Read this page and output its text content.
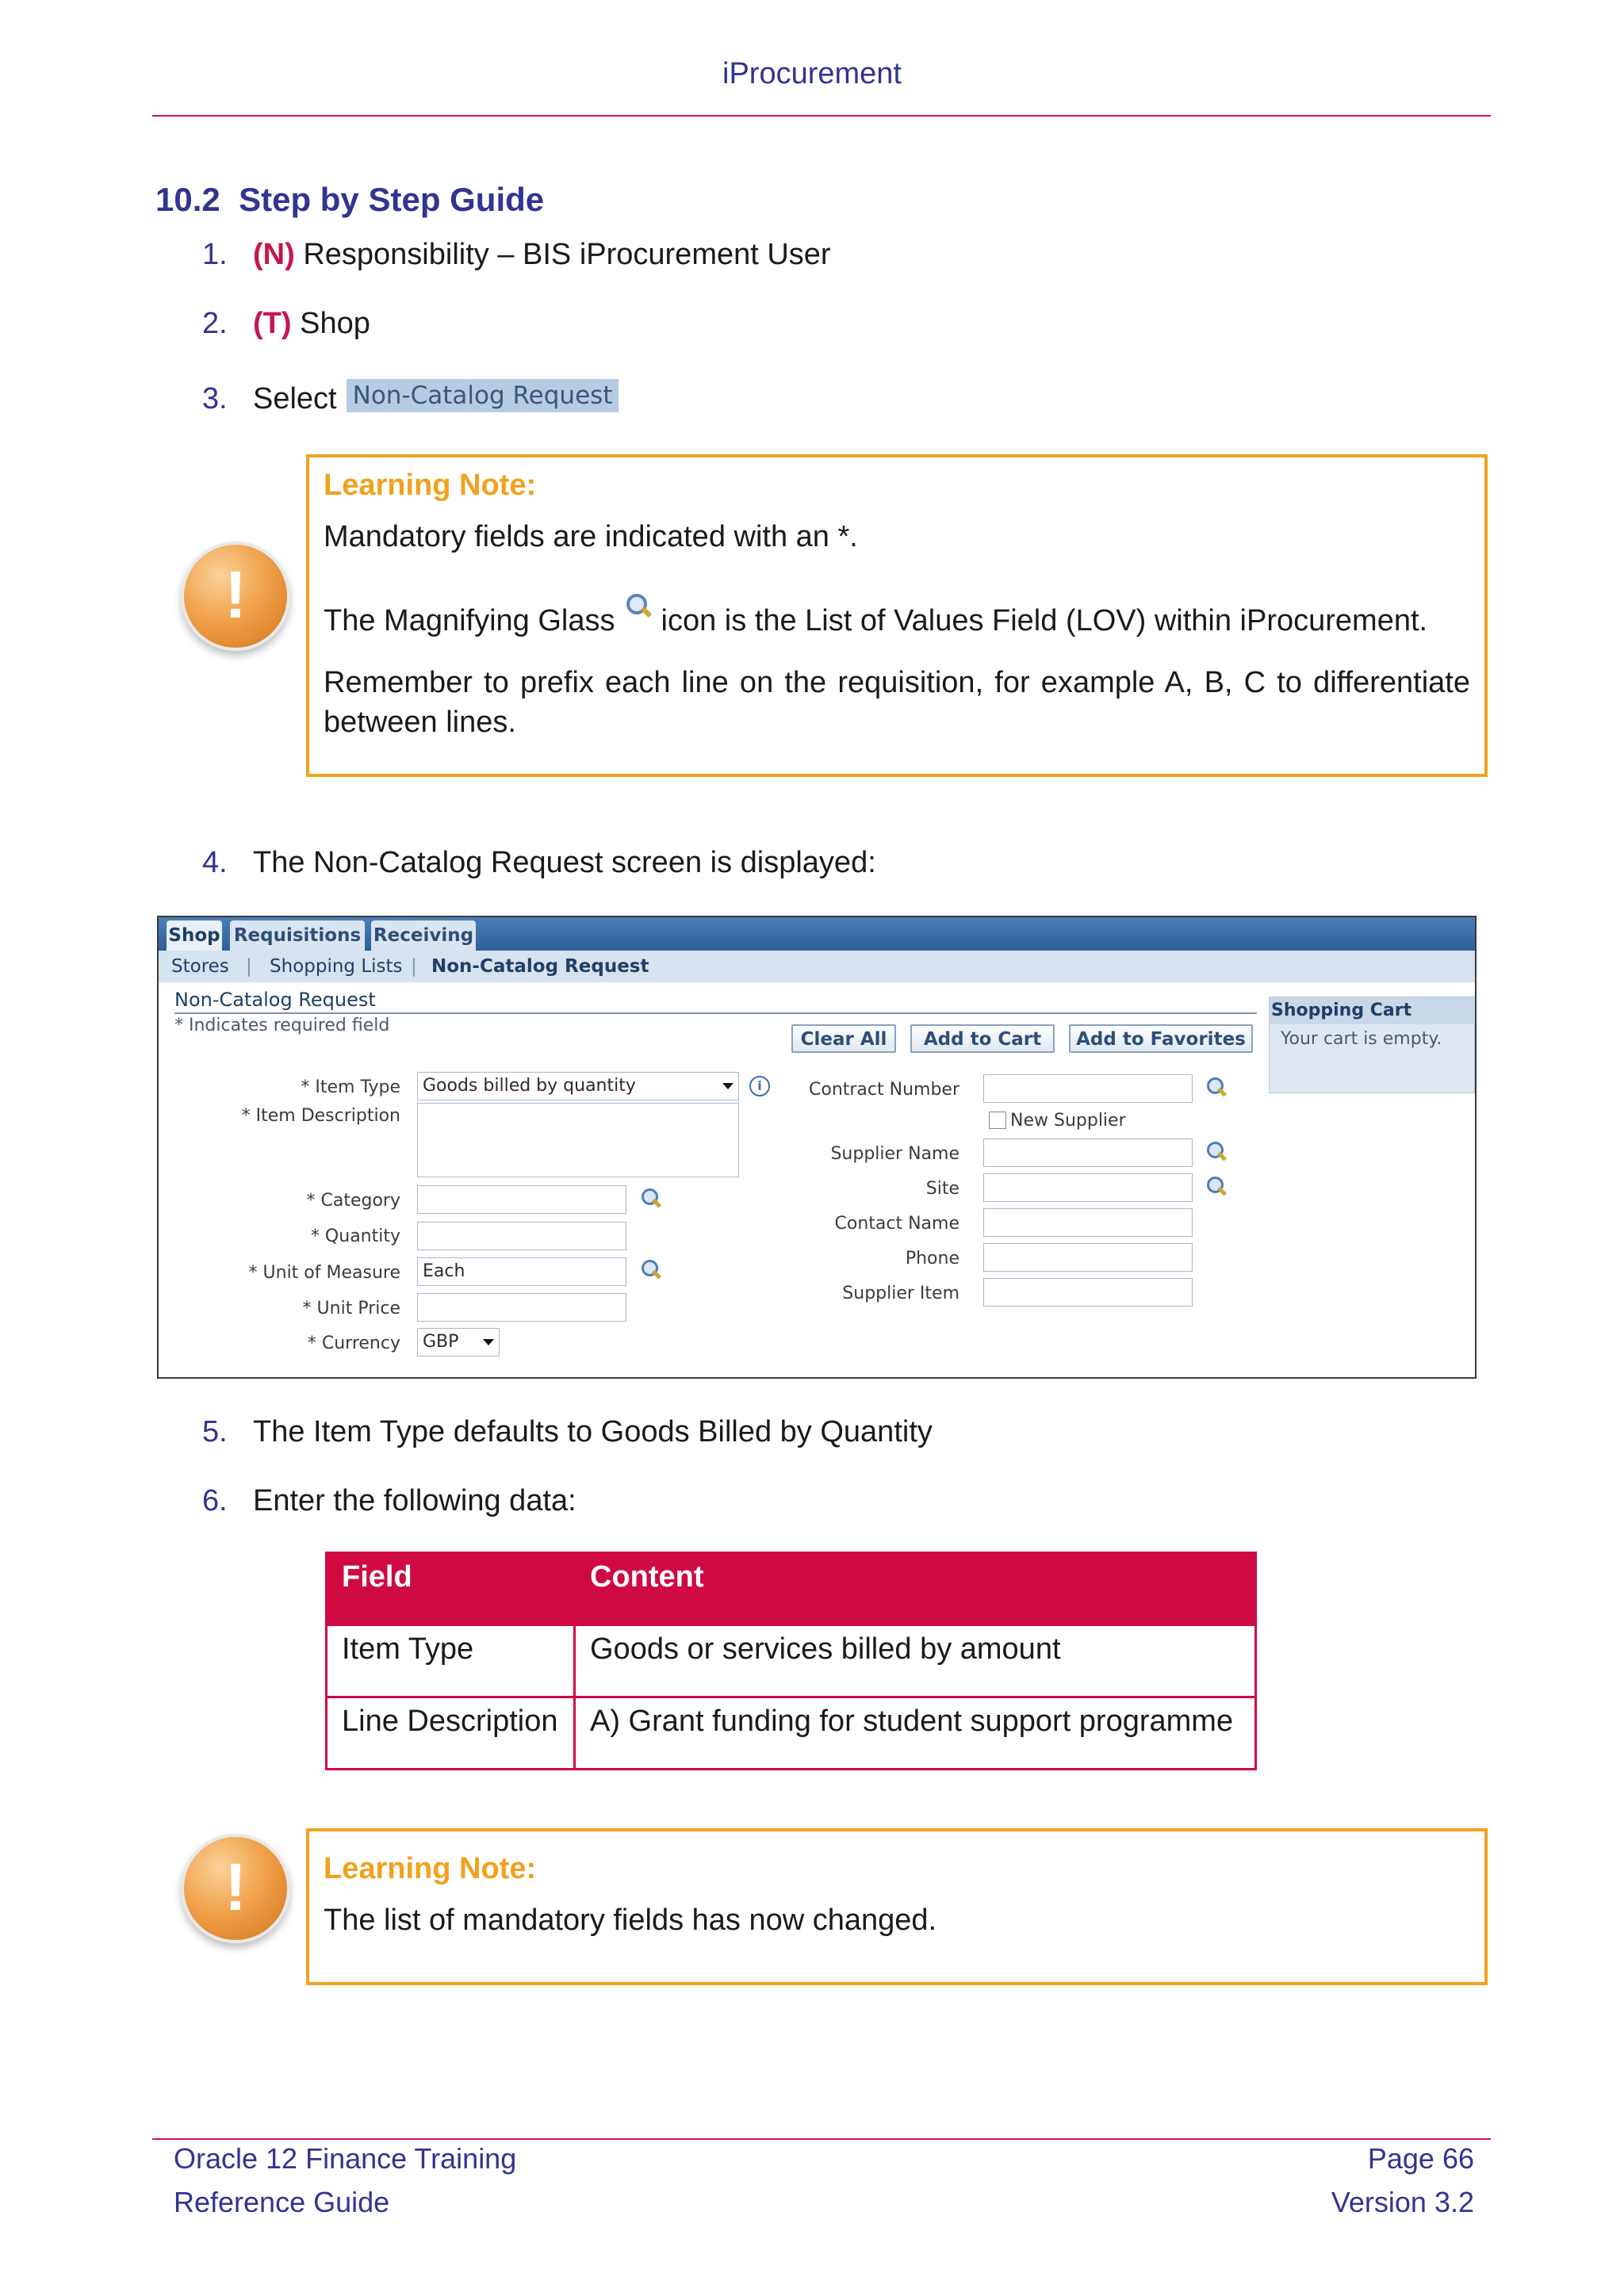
iProcurement
10.2 Step by Step Guide
1. (N) Responsibility – BIS iProcurement User
2. (T) Shop
3. Select Non-Catalog Request
!
Learning Note:

Mandatory fields are indicated with an *.

The Magnifying Glass icon is the List of Values Field (LOV) within iProcurement.

Remember to prefix each line on the requisition, for example A, B, C to differentiate between lines.

4. The Non-Catalog Request screen is displayed:
Shop Requisitions Receiving
Stores | Shopping Lists | Non-Catalog Request
Non-Catalog Request
* Indicates required field
Clear All	Add to Cart	Add to Favorites
* Item Type	Goods billed by quantity	i
* Item Description
* Category
* Quantity
* Unit of Measure	Each
* Unit Price
* Currency	GBP
Contract Number
New Supplier
Supplier Name
Site
Contact Name
Phone
Supplier Item
Shopping Cart
Your cart is empty.
5. The Item Type defaults to Goods Billed by Quantity
6. Enter the following data:
Field	Content
Item Type	Goods or services billed by amount
Line Description	A) Grant funding for student support programme
!	Learning Note:

The list of mandatory fields has now changed.

Oracle 12 Finance Training
Reference Guide
Page 66
Version 3.2
